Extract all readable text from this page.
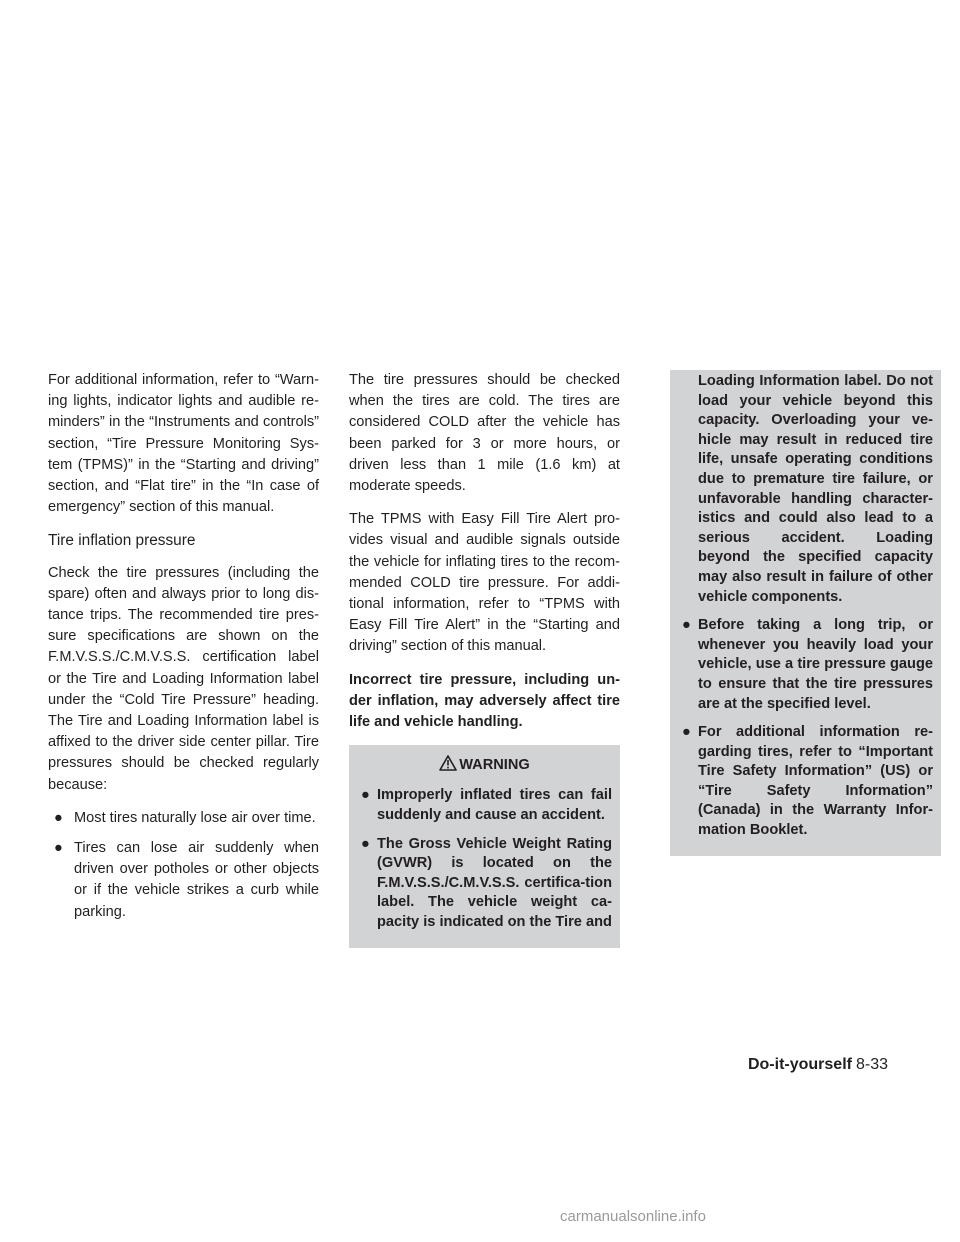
For additional information, refer to “Warn-ing lights, indicator lights and audible re-minders” in the “Instruments and controls” section, “Tire Pressure Monitoring Sys-tem (TPMS)” in the “Starting and driving” section, and “Flat tire” in the “In case of emergency” section of this manual.

Tire inflation pressure

Check the tire pressures (including the spare) often and always prior to long dis-tance trips. The recommended tire pres-sure specifications are shown on the F.M.V.S.S./C.M.V.S.S. certification label or the Tire and Loading Information label under the “Cold Tire Pressure” heading. The Tire and Loading Information label is affixed to the driver side center pillar. Tire pressures should be checked regularly because:

● Most tires naturally lose air over time.
● Tires can lose air suddenly when driven over potholes or other objects or if the vehicle strikes a curb while parking.

The tire pressures should be checked when the tires are cold. The tires are considered COLD after the vehicle has been parked for 3 or more hours, or driven less than 1 mile (1.6 km) at moderate speeds.

The TPMS with Easy Fill Tire Alert pro-vides visual and audible signals outside the vehicle for inflating tires to the recom-mended COLD tire pressure. For addi-tional information, refer to “TPMS with Easy Fill Tire Alert” in the “Starting and driving” section of this manual.

Incorrect tire pressure, including un-der inflation, may adversely affect tire life and vehicle handling.

WARNING
● Improperly inflated tires can fail suddenly and cause an accident.
● The Gross Vehicle Weight Rating (GVWR) is located on the F.M.V.S.S./C.M.V.S.S. certifica-tion label. The vehicle weight ca-pacity is indicated on the Tire and
Loading Information label. Do not load your vehicle beyond this capacity. Overloading your ve-hicle may result in reduced tire life, unsafe operating conditions due to premature tire failure, or unfavorable handling character-istics and could also lead to a serious accident. Loading beyond the specified capacity may also result in failure of other vehicle components.
● Before taking a long trip, or whenever you heavily load your vehicle, use a tire pressure gauge to ensure that the tire pressures are at the specified level.
● For additional information re-garding tires, refer to “Important Tire Safety Information” (US) or “Tire Safety Information” (Canada) in the Warranty Infor-mation Booklet.
Do-it-yourself 8-33
carmanualsonline.info
